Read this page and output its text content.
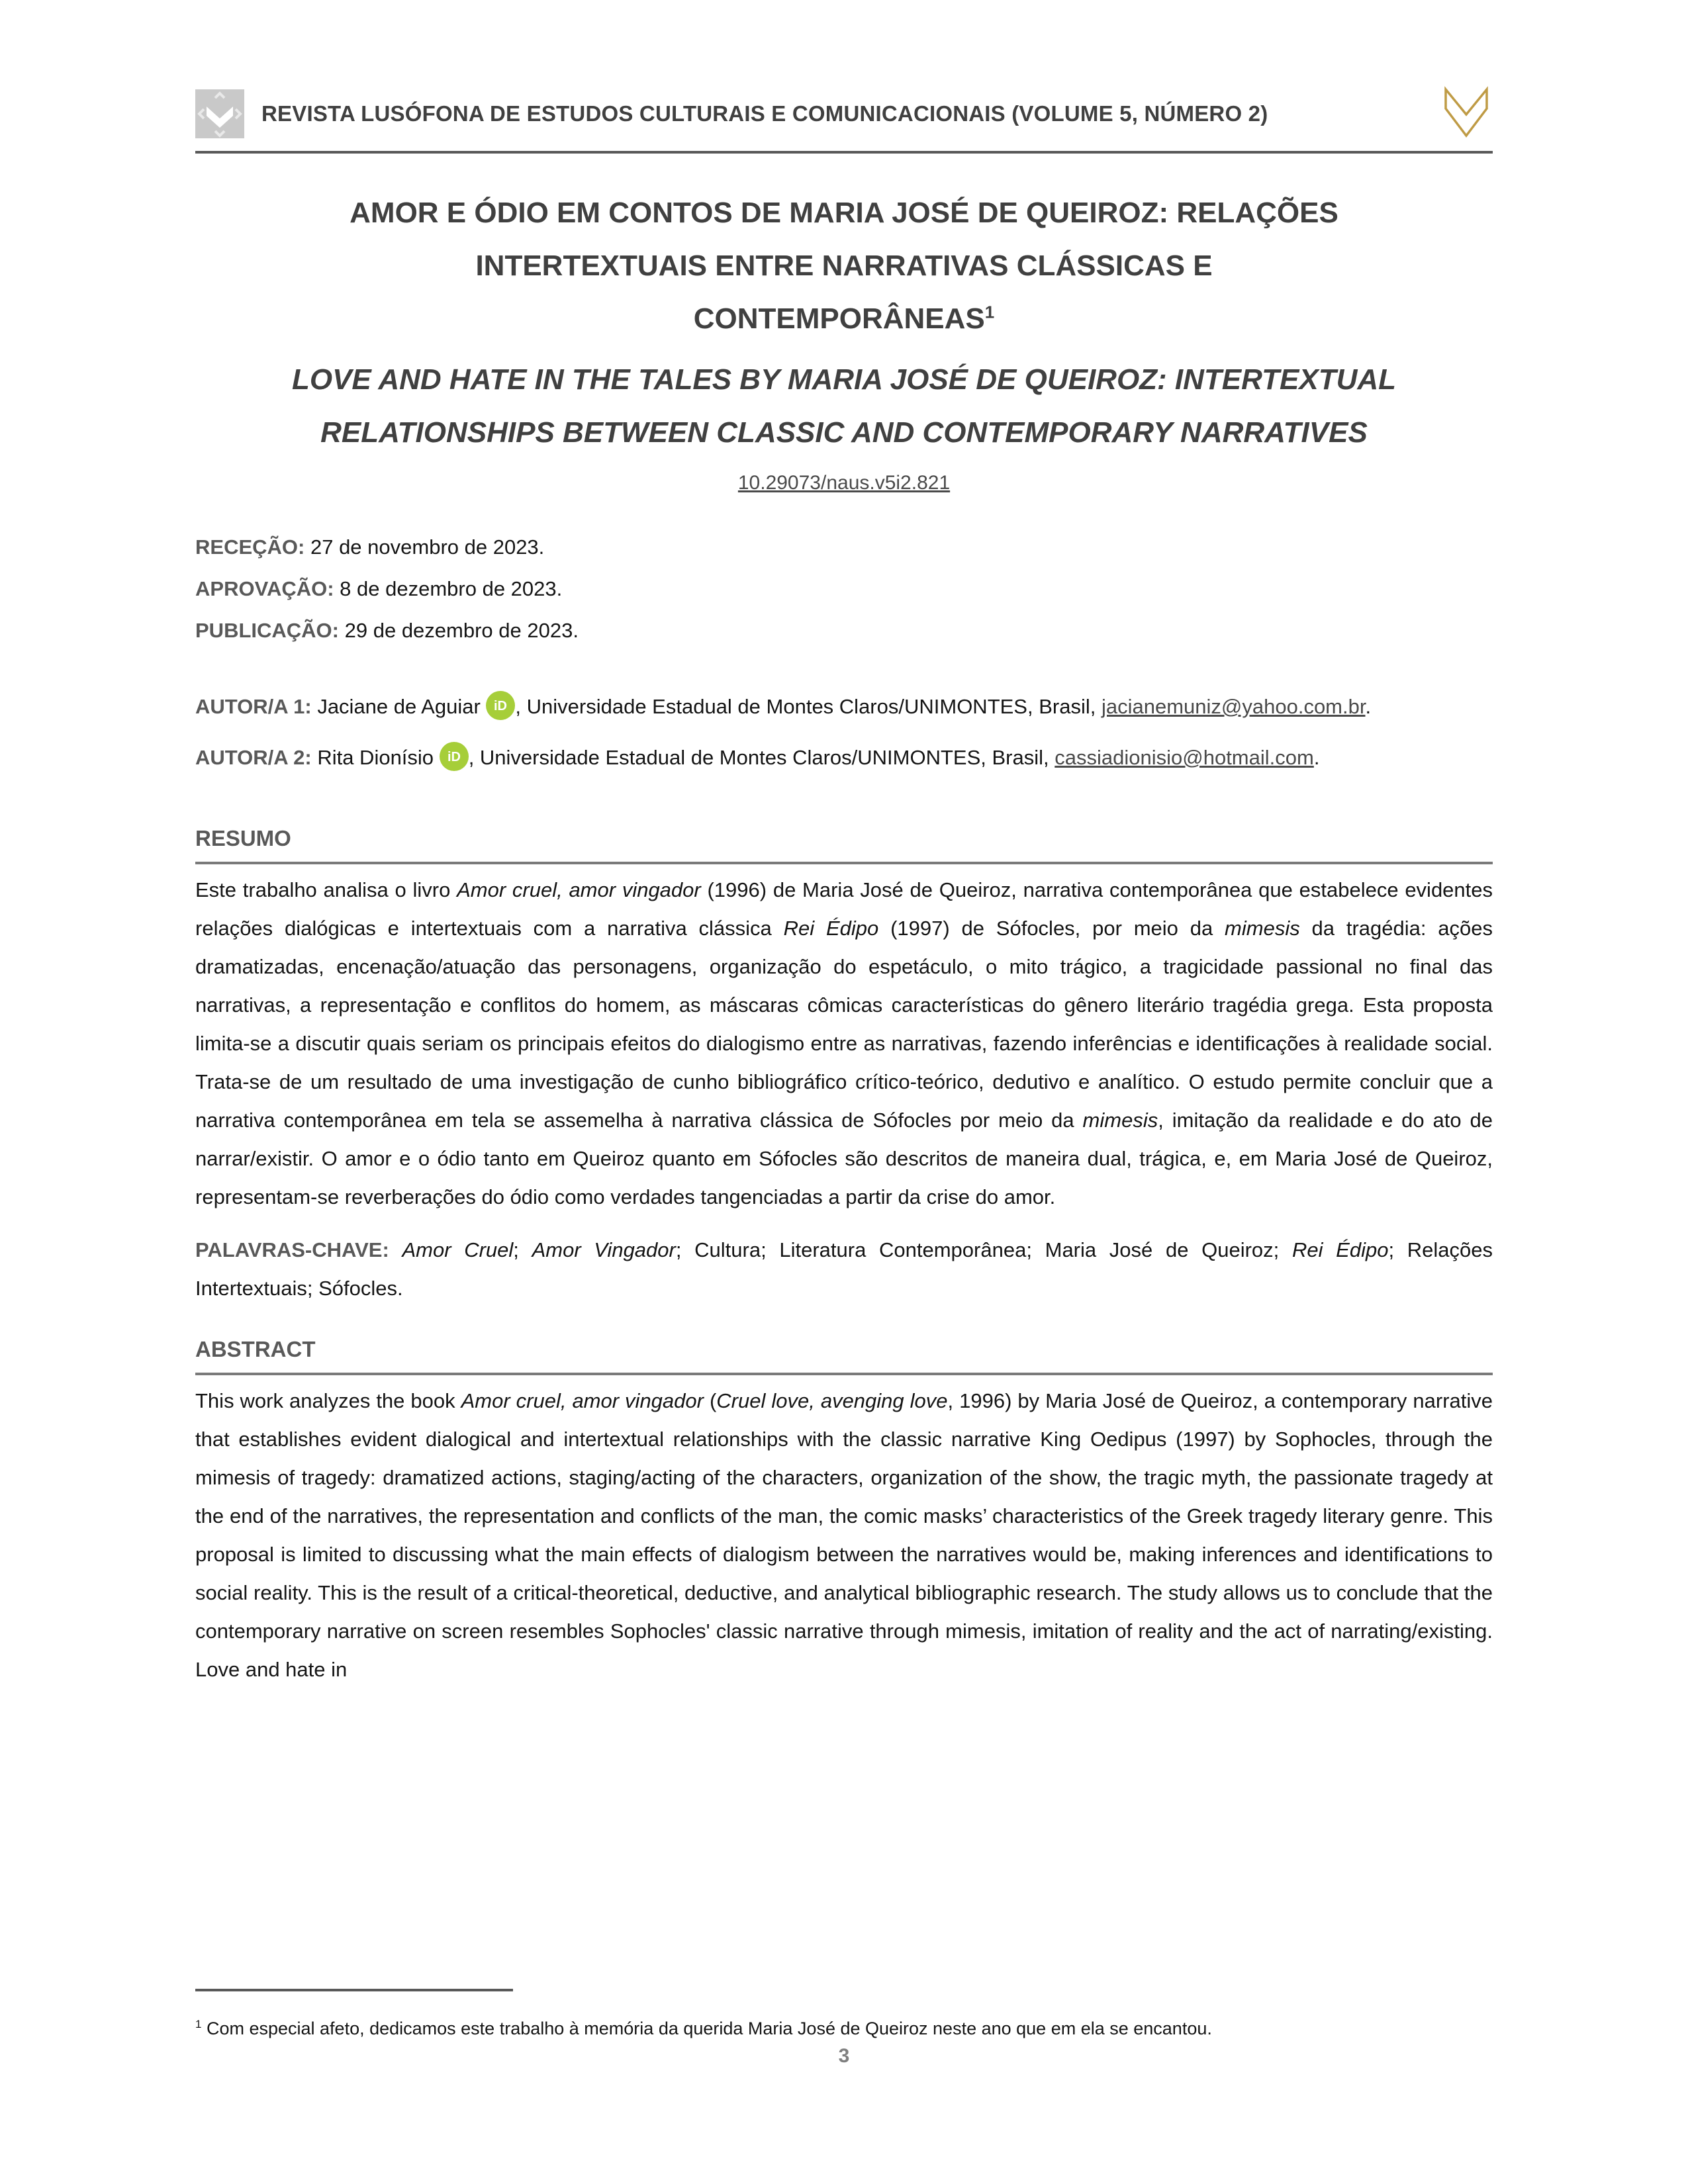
REVISTA LUSÓFONA DE ESTUDOS CULTURAIS E COMUNICACIONAIS (VOLUME 5, NÚMERO 2)
AMOR E ÓDIO EM CONTOS DE MARIA JOSÉ DE QUEIROZ: RELAÇÕES INTERTEXTUAIS ENTRE NARRATIVAS CLÁSSICAS E CONTEMPORÂNEAS$^1$
LOVE AND HATE IN THE TALES BY MARIA JOSÉ DE QUEIROZ: INTERTEXTUAL RELATIONSHIPS BETWEEN CLASSIC AND CONTEMPORARY NARRATIVES
10.29073/naus.v5i2.821

RECEÇÃO: 27 de novembro de 2023.

APROVAÇÃO: 8 de dezembro de 2023.

PUBLICAÇÃO: 29 de dezembro de 2023.

AUTOR/A 1: Jaciane de Aguiar iD , Universidade Estadual de Montes Claros/UNIMONTES, Brasil, jacianemuniz@yahoo.com.br.

AUTOR/A 2: Rita Dionísio iD , Universidade Estadual de Montes Claros/UNIMONTES, Brasil, cassiadionisio@hotmail.com.

RESUMO

Este trabalho analisa o livro Amor cruel, amor vingador (1996) de Maria José de Queiroz, narrativa contemporânea que estabelece evidentes relações dialógicas e intertextuais com a narrativa clássica Rei Édipo (1997) de Sófocles, por meio da mimesis da tragédia: ações dramatizadas, encenação/atuação das personagens, organização do espetáculo, o mito trágico, a tragicidade passional no final das narrativas, a representação e conflitos do homem, as máscaras cômicas características do gênero literário tragédia grega. Esta proposta limita-se a discutir quais seriam os principais efeitos do dialogismo entre as narrativas, fazendo inferências e identificações à realidade social. Trata-se de um resultado de uma investigação de cunho bibliográfico crítico-teórico, dedutivo e analítico. O estudo permite concluir que a narrativa contemporânea em tela se assemelha à narrativa clássica de Sófocles por meio da mimesis, imitação da realidade e do ato de narrar/existir. O amor e o ódio tanto em Queiroz quanto em Sófocles são descritos de maneira dual, trágica, e, em Maria José de Queiroz, representam-se reverberações do ódio como verdades tangenciadas a partir da crise do amor.

PALAVRAS-CHAVE: Amor Cruel; Amor Vingador; Cultura; Literatura Contemporânea; Maria José de Queiroz; Rei Édipo; Relações Intertextuais; Sófocles.

ABSTRACT

This work analyzes the book Amor cruel, amor vingador (Cruel love, avenging love, 1996) by Maria José de Queiroz, a contemporary narrative that establishes evident dialogical and intertextual relationships with the classic narrative King Oedipus (1997) by Sophocles, through the mimesis of tragedy: dramatized actions, staging/acting of the characters, organization of the show, the tragic myth, the passionate tragedy at the end of the narratives, the representation and conflicts of the man, the comic masks’ characteristics of the Greek tragedy literary genre. This proposal is limited to discussing what the main effects of dialogism between the narratives would be, making inferences and identifications to social reality. This is the result of a critical-theoretical, deductive, and analytical bibliographic research. The study allows us to conclude that the contemporary narrative on screen resembles Sophocles' classic narrative through mimesis, imitation of reality and the act of narrating/existing. Love and hate in

$^1$ Com especial afeto, dedicamos este trabalho à memória da querida Maria José de Queiroz neste ano que em ela se encantou.

3
